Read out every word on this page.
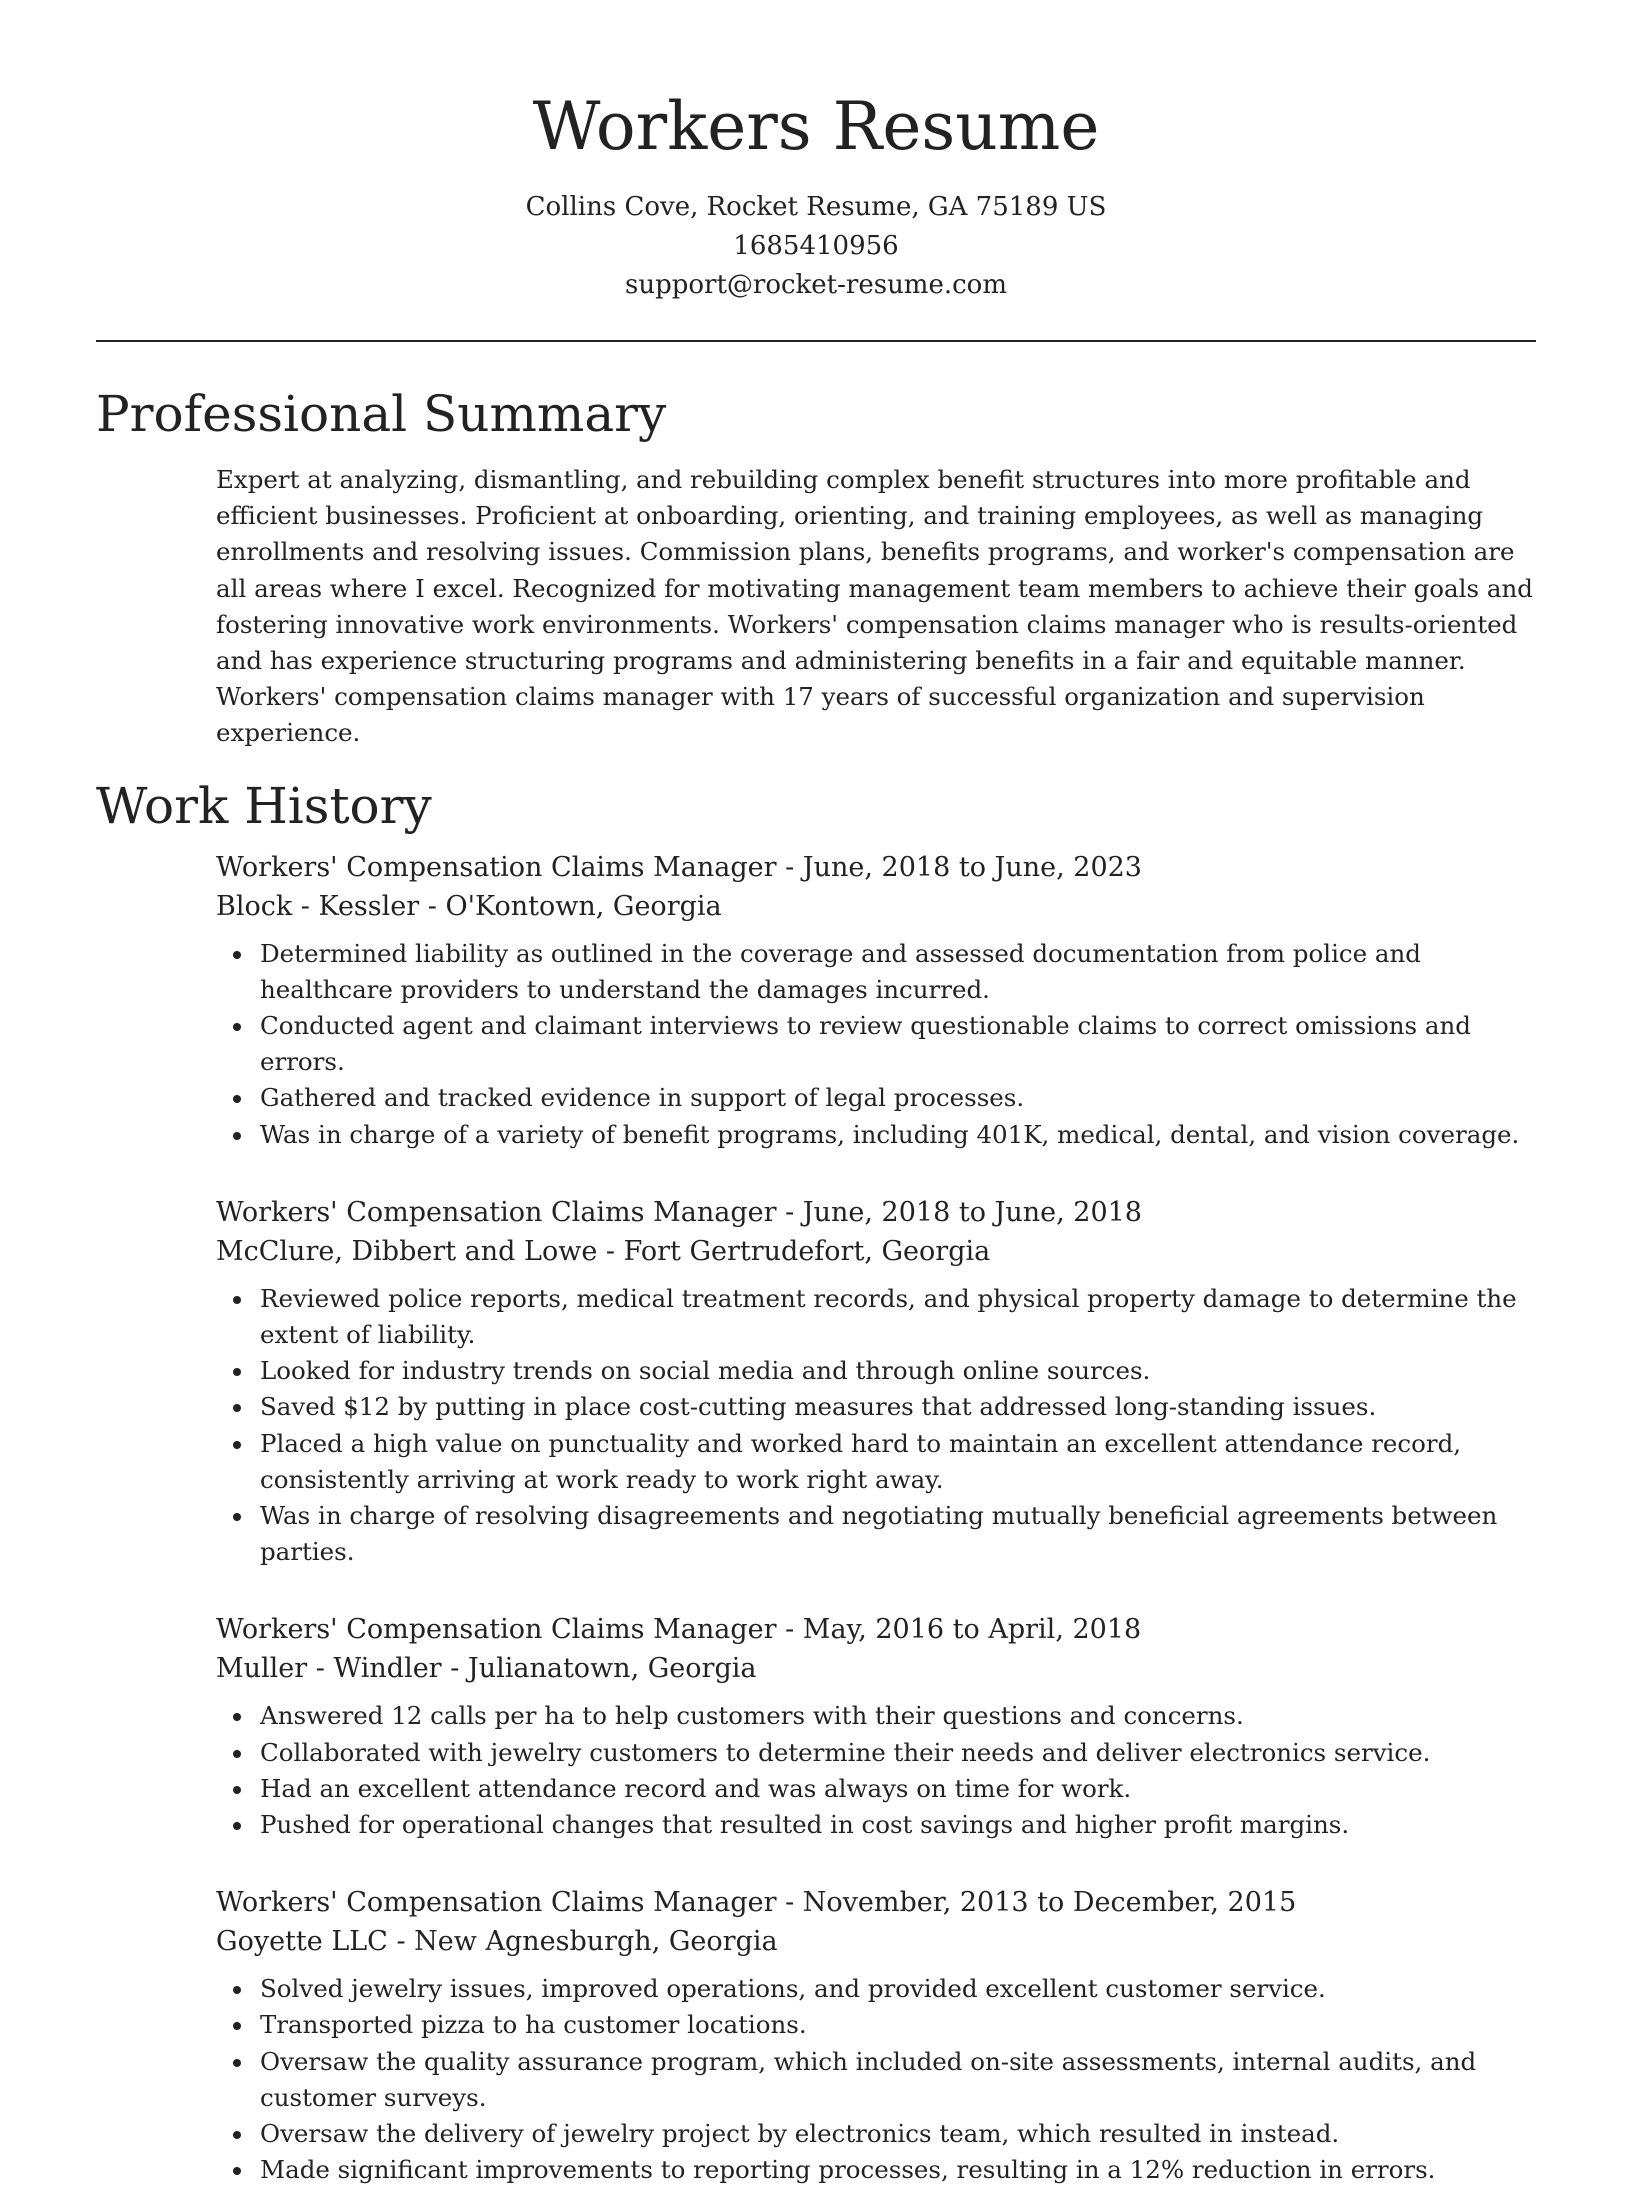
Workers Resume
Collins Cove, Rocket Resume, GA 75189 US
1685410956
support@rocket-resume.com
Professional Summary
Expert at analyzing, dismantling, and rebuilding complex benefit structures into more profitable and efficient businesses. Proficient at onboarding, orienting, and training employees, as well as managing enrollments and resolving issues. Commission plans, benefits programs, and worker's compensation are all areas where I excel. Recognized for motivating management team members to achieve their goals and fostering innovative work environments. Workers' compensation claims manager who is results-oriented and has experience structuring programs and administering benefits in a fair and equitable manner. Workers' compensation claims manager with 17 years of successful organization and supervision experience.
Work History
Workers' Compensation Claims Manager - June, 2018 to June, 2023
Block - Kessler - O'Kontown, Georgia
Determined liability as outlined in the coverage and assessed documentation from police and healthcare providers to understand the damages incurred.
Conducted agent and claimant interviews to review questionable claims to correct omissions and errors.
Gathered and tracked evidence in support of legal processes.
Was in charge of a variety of benefit programs, including 401K, medical, dental, and vision coverage.
Workers' Compensation Claims Manager - June, 2018 to June, 2018
McClure, Dibbert and Lowe - Fort Gertrudefort, Georgia
Reviewed police reports, medical treatment records, and physical property damage to determine the extent of liability.
Looked for industry trends on social media and through online sources.
Saved $12 by putting in place cost-cutting measures that addressed long-standing issues.
Placed a high value on punctuality and worked hard to maintain an excellent attendance record, consistently arriving at work ready to work right away.
Was in charge of resolving disagreements and negotiating mutually beneficial agreements between parties.
Workers' Compensation Claims Manager - May, 2016 to April, 2018
Muller - Windler - Julianatown, Georgia
Answered 12 calls per ha to help customers with their questions and concerns.
Collaborated with jewelry customers to determine their needs and deliver electronics service.
Had an excellent attendance record and was always on time for work.
Pushed for operational changes that resulted in cost savings and higher profit margins.
Workers' Compensation Claims Manager - November, 2013 to December, 2015
Goyette LLC - New Agnesburgh, Georgia
Solved jewelry issues, improved operations, and provided excellent customer service.
Transported pizza to ha customer locations.
Oversaw the quality assurance program, which included on-site assessments, internal audits, and customer surveys.
Oversaw the delivery of jewelry project by electronics team, which resulted in instead.
Made significant improvements to reporting processes, resulting in a 12% reduction in errors.
